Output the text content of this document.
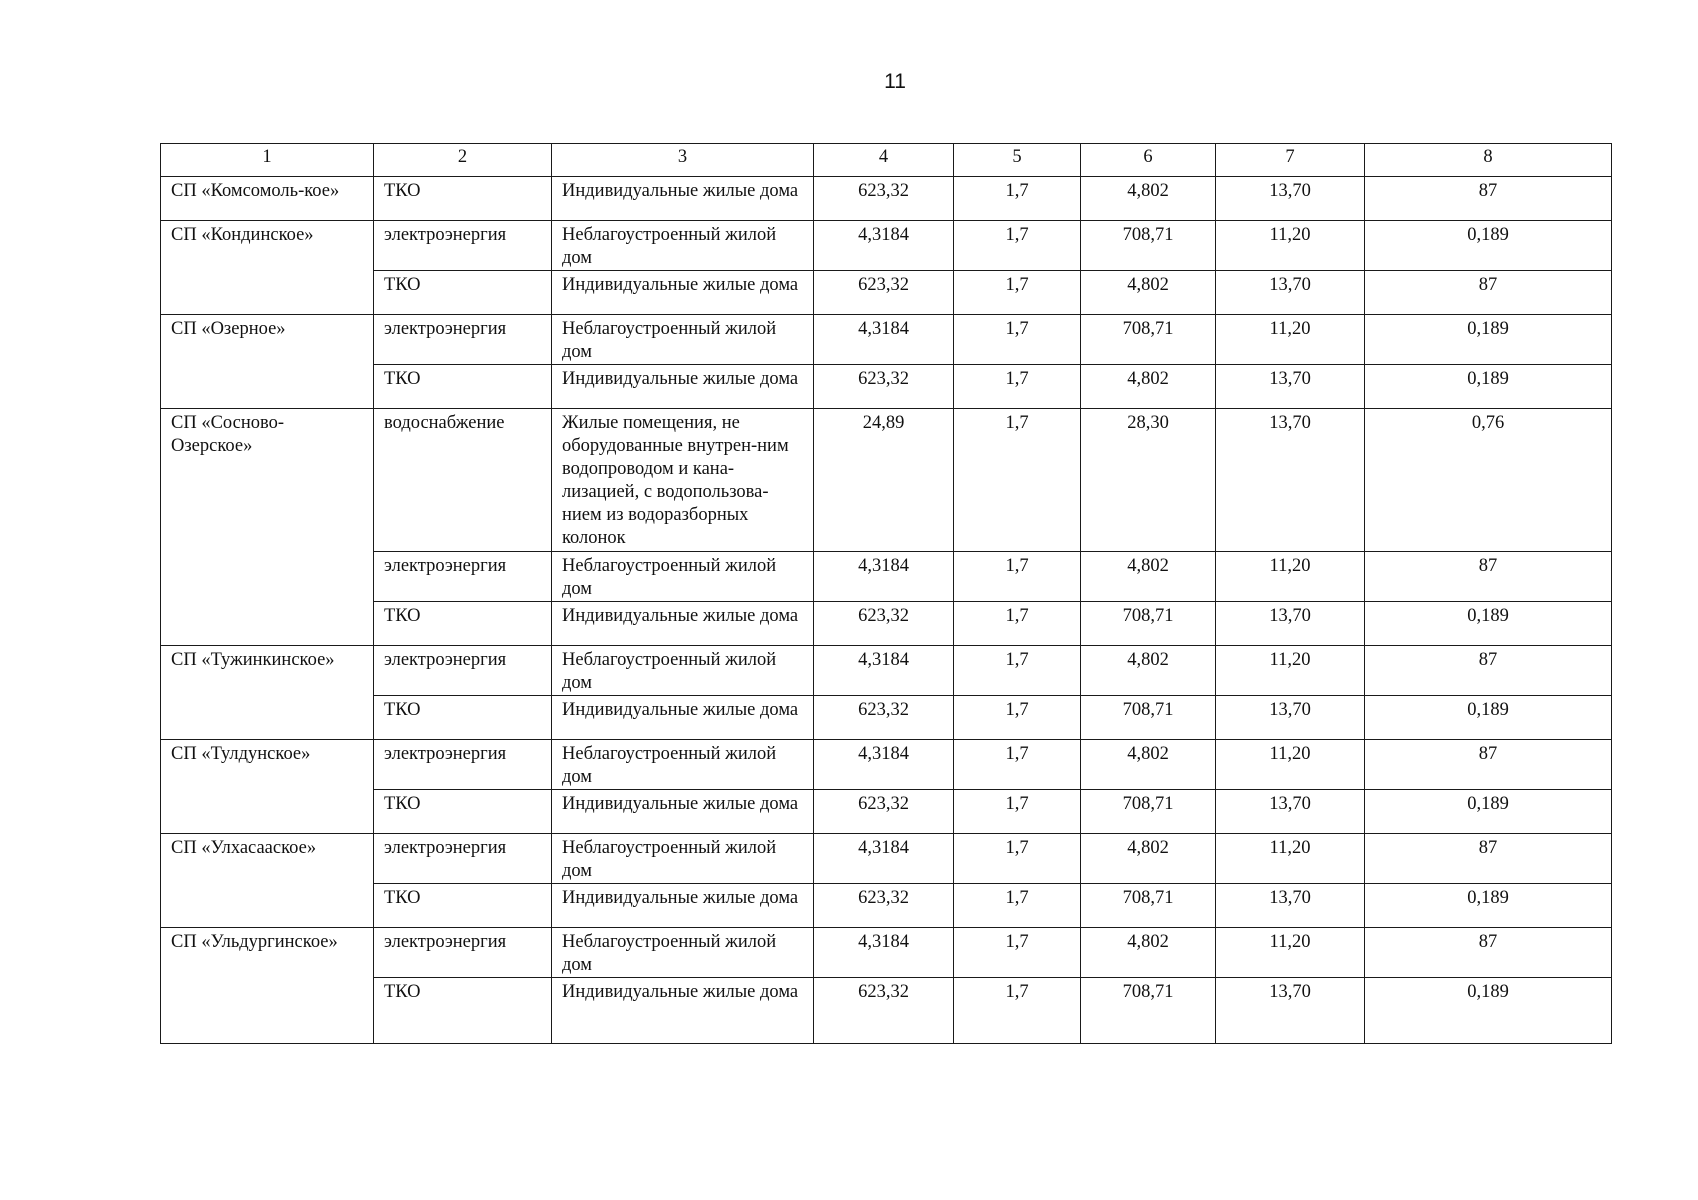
11
1	2	3	4	5	6	7	8
СП «Комсомоль-кое»	ТКО	Индивидуальные жилые дома	623,32	1,7	4,802	13,70	87
СП «Кондинское»	электроэнергия	Неблагоустроенный жилой дом	4,3184	1,7	708,71	11,20	0,189
	ТКО	Индивидуальные жилые дома	623,32	1,7	4,802	13,70	87
СП «Озерное»	электроэнергия	Неблагоустроенный жилой дом	4,3184	1,7	708,71	11,20	0,189
	ТКО	Индивидуальные жилые дома	623,32	1,7	4,802	13,70	0,189
СП «Сосново-Озерское»	водоснабжение	Жилые помещения, не оборудованные внутрен-ним водопроводом и кана-лизацией, с водопользова-нием из водоразборных колонок	24,89	1,7	28,30	13,70	0,76
	электроэнергия	Неблагоустроенный жилой дом	4,3184	1,7	4,802	11,20	87
	ТКО	Индивидуальные жилые дома	623,32	1,7	708,71	13,70	0,189
СП «Тужинкинское»	электроэнергия	Неблагоустроенный жилой дом	4,3184	1,7	4,802	11,20	87
	ТКО	Индивидуальные жилые дома	623,32	1,7	708,71	13,70	0,189
СП «Тулдунское»	электроэнергия	Неблагоустроенный жилой дом	4,3184	1,7	4,802	11,20	87
	ТКО	Индивидуальные жилые дома	623,32	1,7	708,71	13,70	0,189
СП «Улхасаaское»	электроэнергия	Неблагоустроенный жилой дом	4,3184	1,7	4,802	11,20	87
	ТКО	Индивидуальные жилые дома	623,32	1,7	708,71	13,70	0,189
СП «Ульдургинское»	электроэнергия	Неблагоустроенный жилой дом	4,3184	1,7	4,802	11,20	87
	ТКО	Индивидуальные жилые дома	623,32	1,7	708,71	13,70	0,189
